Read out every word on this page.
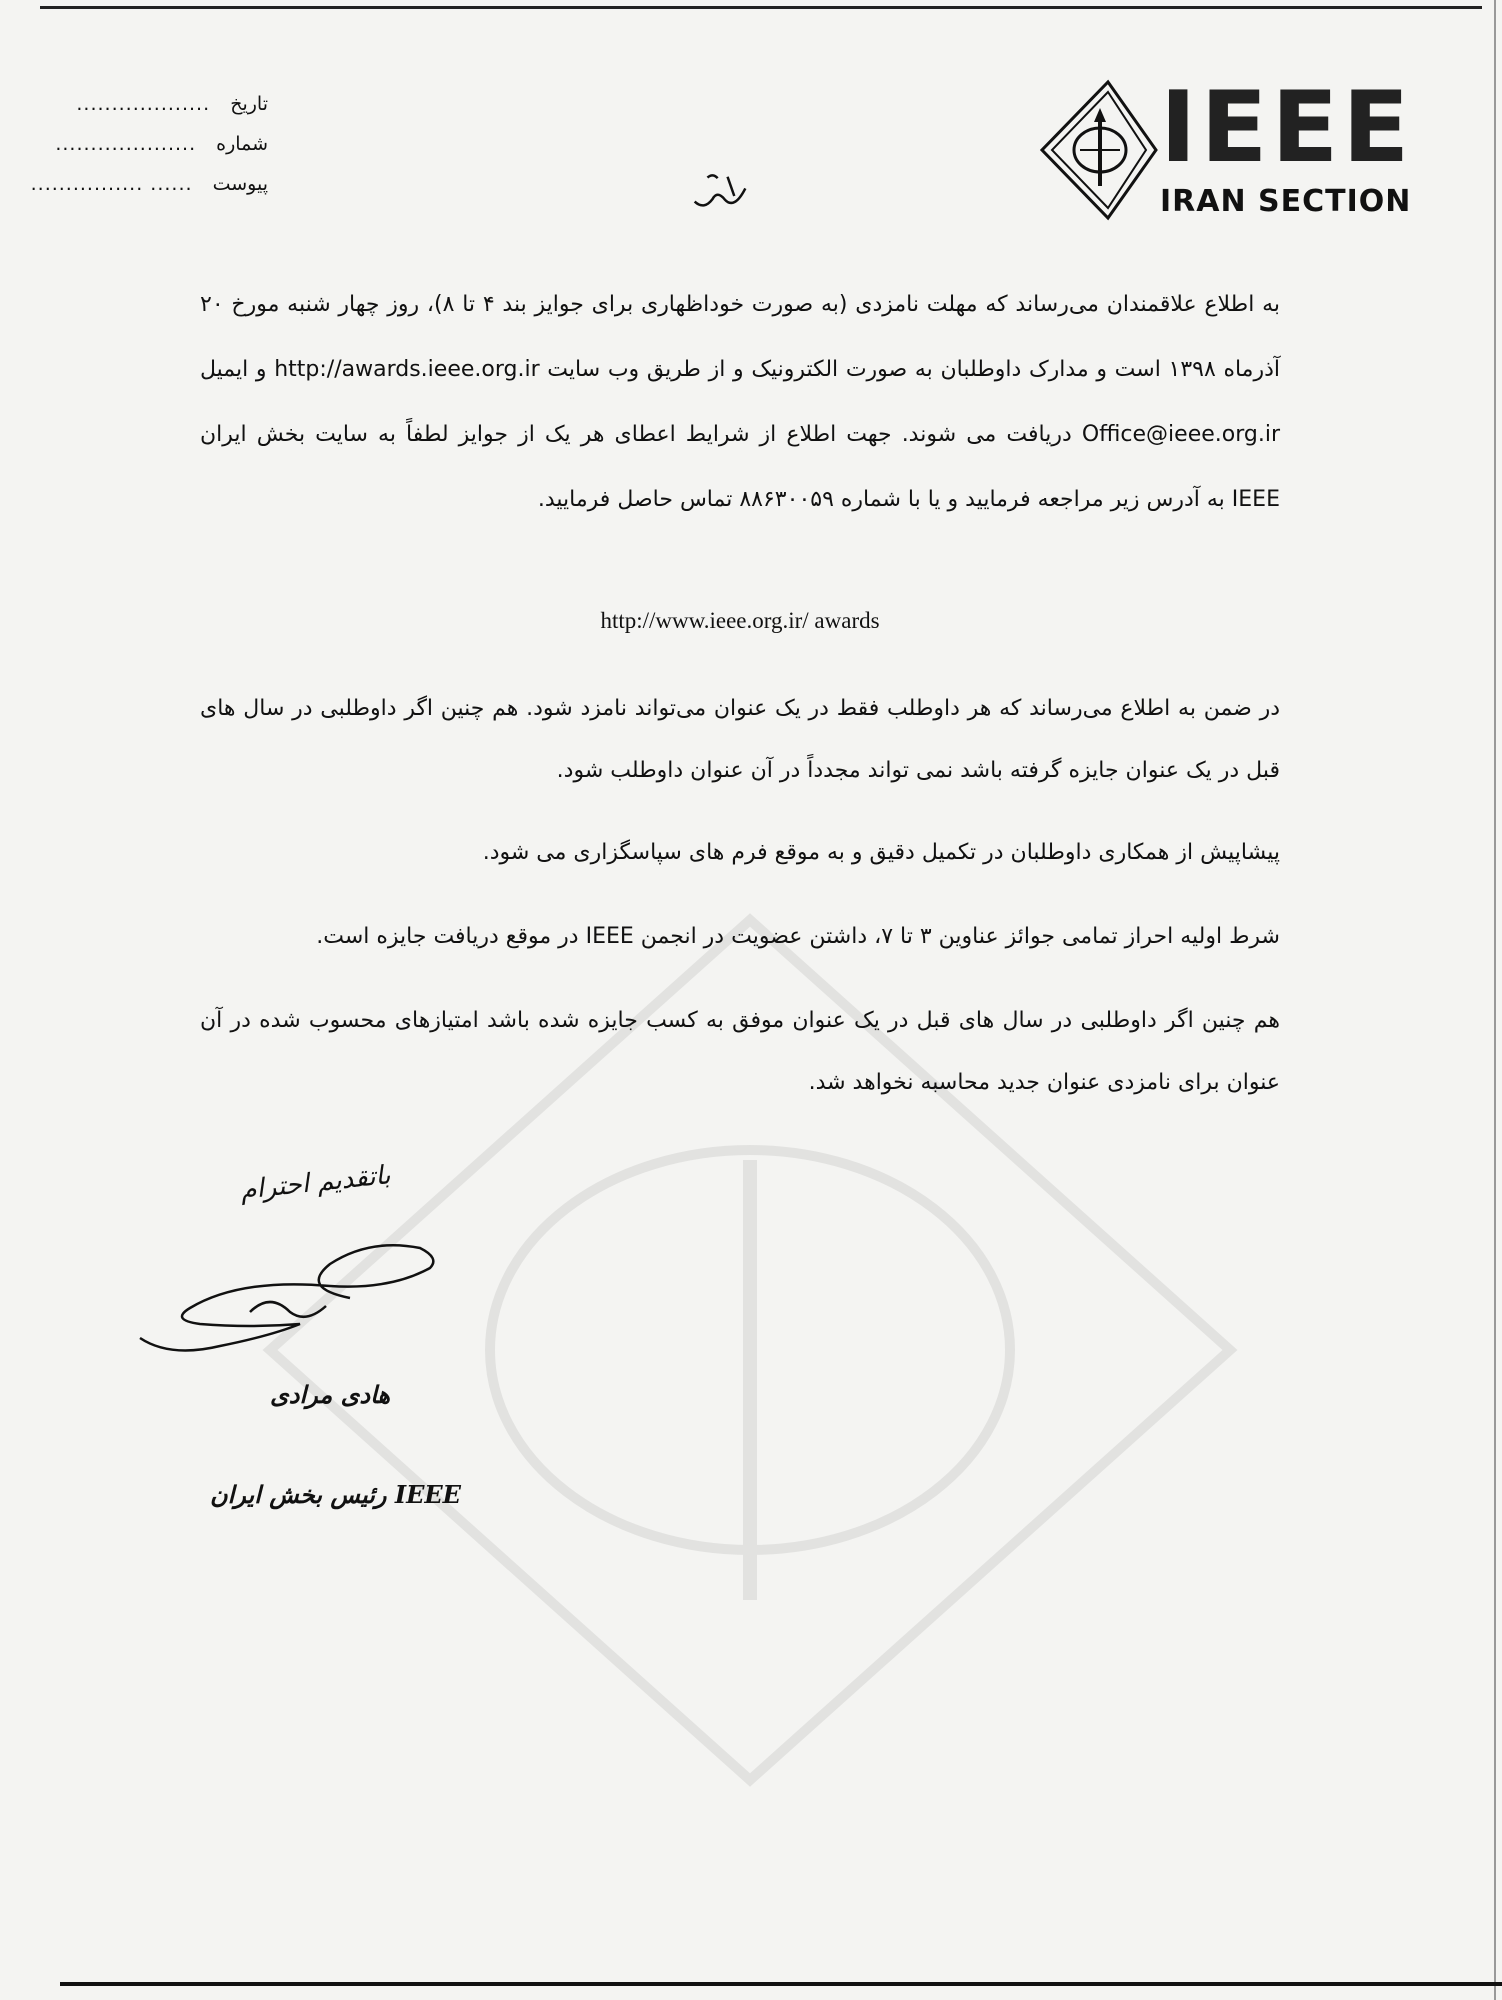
IEEE
IRAN SECTION
تاریخ ...................
شماره ....................
پیوست ...... ................
به اطلاع علاقمندان می‌رساند که مهلت نامزدی (به صورت خوداظهاری برای جوایز بند ۴ تا ۸)، روز چهار شنبه مورخ ۲۰ آذرماه ۱۳۹۸ است و مدارک داوطلبان به صورت الکترونیک و از طریق وب سایت http://awards.ieee.org.ir و ایمیل Office@ieee.org.ir دریافت می شوند. جهت اطلاع از شرایط اعطای هر یک از جوایز لطفاً به سایت بخش ایران IEEE به آدرس زیر مراجعه فرمایید و یا با شماره ۸۸۶۳۰۰۵۹ تماس حاصل فرمایید.
http://www.ieee.org.ir/ awards
در ضمن به اطلاع می‌رساند که هر داوطلب فقط در یک عنوان می‌تواند نامزد شود. هم چنین اگر داوطلبی در سال های قبل در یک عنوان جایزه گرفته باشد نمی تواند مجدداً در آن عنوان داوطلب شود.
پیشاپیش از همکاری داوطلبان در تکمیل دقیق و به موقع فرم های سپاسگزاری می شود.
شرط اولیه احراز تمامی جوائز عناوین ۳ تا ۷، داشتن عضویت در انجمن IEEE در موقع دریافت جایزه است.
هم چنین اگر داوطلبی در سال های قبل در یک عنوان موفق به کسب جایزه شده باشد امتیازهای محسوب شده در آن عنوان برای نامزدی عنوان جدید محاسبه نخواهد شد.
باتقدیم احترام
هادی مرادی
رئیس بخش ایران IEEE
